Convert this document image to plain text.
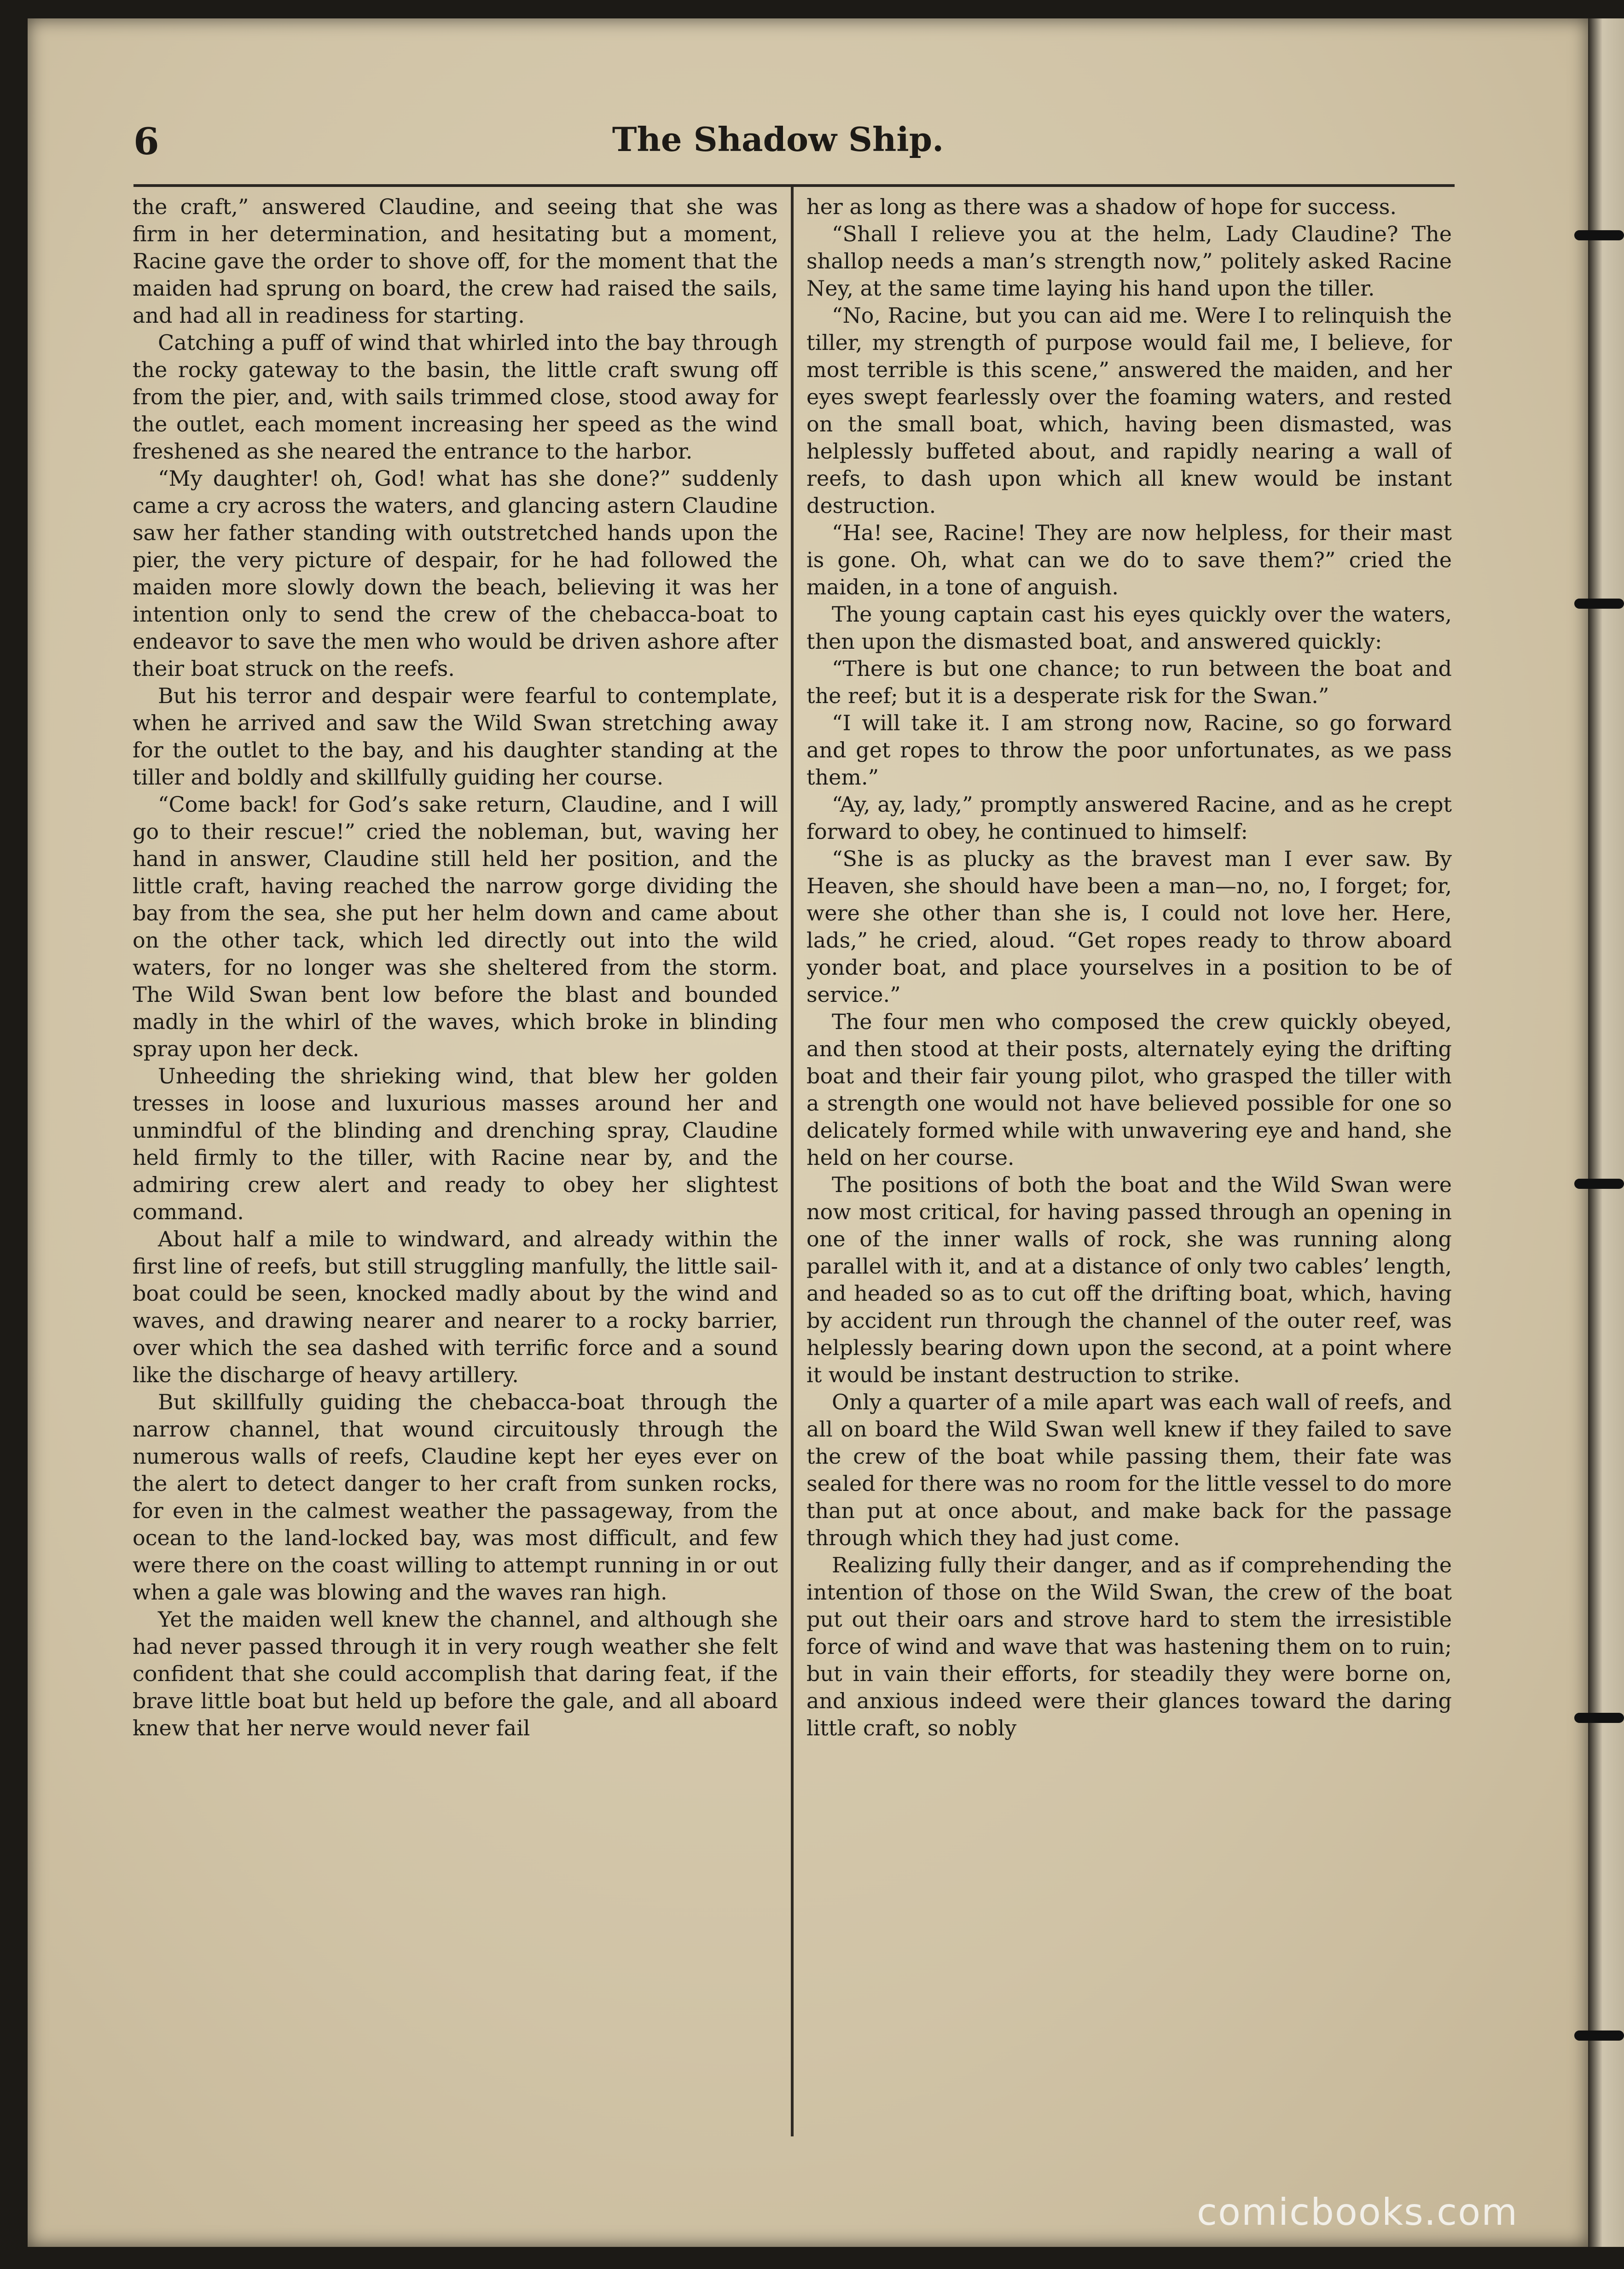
6	The Shadow Ship.

the craft,” answered Claudine, and seeing that she was firm in her determination, and hesitating but a moment, Racine gave the order to shove off, for the moment that the maiden had sprung on board, the crew had raised the sails, and had all in readiness for starting.

Catching a puff of wind that whirled into the bay through the rocky gateway to the basin, the little craft swung off from the pier, and, with sails trimmed close, stood away for the outlet, each moment increasing her speed as the wind freshened as she neared the entrance to the harbor.

“My daughter! oh, God! what has she done?” suddenly came a cry across the waters, and glancing astern Claudine saw her father standing with outstretched hands upon the pier, the very picture of despair, for he had followed the maiden more slowly down the beach, believing it was her intention only to send the crew of the chebacca-boat to endeavor to save the men who would be driven ashore after their boat struck on the reefs.

But his terror and despair were fearful to contemplate, when he arrived and saw the Wild Swan stretching away for the outlet to the bay, and his daughter standing at the tiller and boldly and skillfully guiding her course.

“Come back! for God’s sake return, Claudine, and I will go to their rescue!” cried the nobleman, but, waving her hand in answer, Claudine still held her position, and the little craft, having reached the narrow gorge dividing the bay from the sea, she put her helm down and came about on the other tack, which led directly out into the wild waters, for no longer was she sheltered from the storm. The Wild Swan bent low before the blast and bounded madly in the whirl of the waves, which broke in blinding spray upon her deck.

Unheeding the shrieking wind, that blew her golden tresses in loose and luxurious masses around her and unmindful of the blinding and drenching spray, Claudine held firmly to the tiller, with Racine near by, and the admiring crew alert and ready to obey her slightest command.

About half a mile to windward, and already within the first line of reefs, but still struggling manfully, the little sail-boat could be seen, knocked madly about by the wind and waves, and drawing nearer and nearer to a rocky barrier, over which the sea dashed with terrific force and a sound like the discharge of heavy artillery.

But skillfully guiding the chebacca-boat through the narrow channel, that wound circuitously through the numerous walls of reefs, Claudine kept her eyes ever on the alert to detect danger to her craft from sunken rocks, for even in the calmest weather the passageway, from the ocean to the land-locked bay, was most difficult, and few were there on the coast willing to attempt running in or out when a gale was blowing and the waves ran high.

Yet the maiden well knew the channel, and although she had never passed through it in very rough weather she felt confident that she could accomplish that daring feat, if the brave little boat but held up before the gale, and all aboard knew that her nerve would never fail

her as long as there was a shadow of hope for success.

“Shall I relieve you at the helm, Lady Claudine? The shallop needs a man’s strength now,” politely asked Racine Ney, at the same time laying his hand upon the tiller.

“No, Racine, but you can aid me. Were I to relinquish the tiller, my strength of purpose would fail me, I believe, for most terrible is this scene,” answered the maiden, and her eyes swept fearlessly over the foaming waters, and rested on the small boat, which, having been dismasted, was helplessly buffeted about, and rapidly nearing a wall of reefs, to dash upon which all knew would be instant destruction.

“Ha! see, Racine! They are now helpless, for their mast is gone. Oh, what can we do to save them?” cried the maiden, in a tone of anguish.

The young captain cast his eyes quickly over the waters, then upon the dismasted boat, and answered quickly:

“There is but one chance; to run between the boat and the reef; but it is a desperate risk for the Swan.”

“I will take it. I am strong now, Racine, so go forward and get ropes to throw the poor unfortunates, as we pass them.”

“Ay, ay, lady,” promptly answered Racine, and as he crept forward to obey, he continued to himself:

“She is as plucky as the bravest man I ever saw. By Heaven, she should have been a man—no, no, I forget; for, were she other than she is, I could not love her. Here, lads,” he cried, aloud. “Get ropes ready to throw aboard yonder boat, and place yourselves in a position to be of service.”

The four men who composed the crew quickly obeyed, and then stood at their posts, alternately eying the drifting boat and their fair young pilot, who grasped the tiller with a strength one would not have believed possible for one so delicately formed while with unwavering eye and hand, she held on her course.

The positions of both the boat and the Wild Swan were now most critical, for having passed through an opening in one of the inner walls of rock, she was running along parallel with it, and at a distance of only two cables’ length, and headed so as to cut off the drifting boat, which, having by accident run through the channel of the outer reef, was helplessly bearing down upon the second, at a point where it would be instant destruction to strike.

Only a quarter of a mile apart was each wall of reefs, and all on board the Wild Swan well knew if they failed to save the crew of the boat while passing them, their fate was sealed for there was no room for the little vessel to do more than put at once about, and make back for the passage through which they had just come.

Realizing fully their danger, and as if comprehending the intention of those on the Wild Swan, the crew of the boat put out their oars and strove hard to stem the irresistible force of wind and wave that was hastening them on to ruin; but in vain their efforts, for steadily they were borne on, and anxious indeed were their glances toward the daring little craft, so nobly

comicbooks.com
